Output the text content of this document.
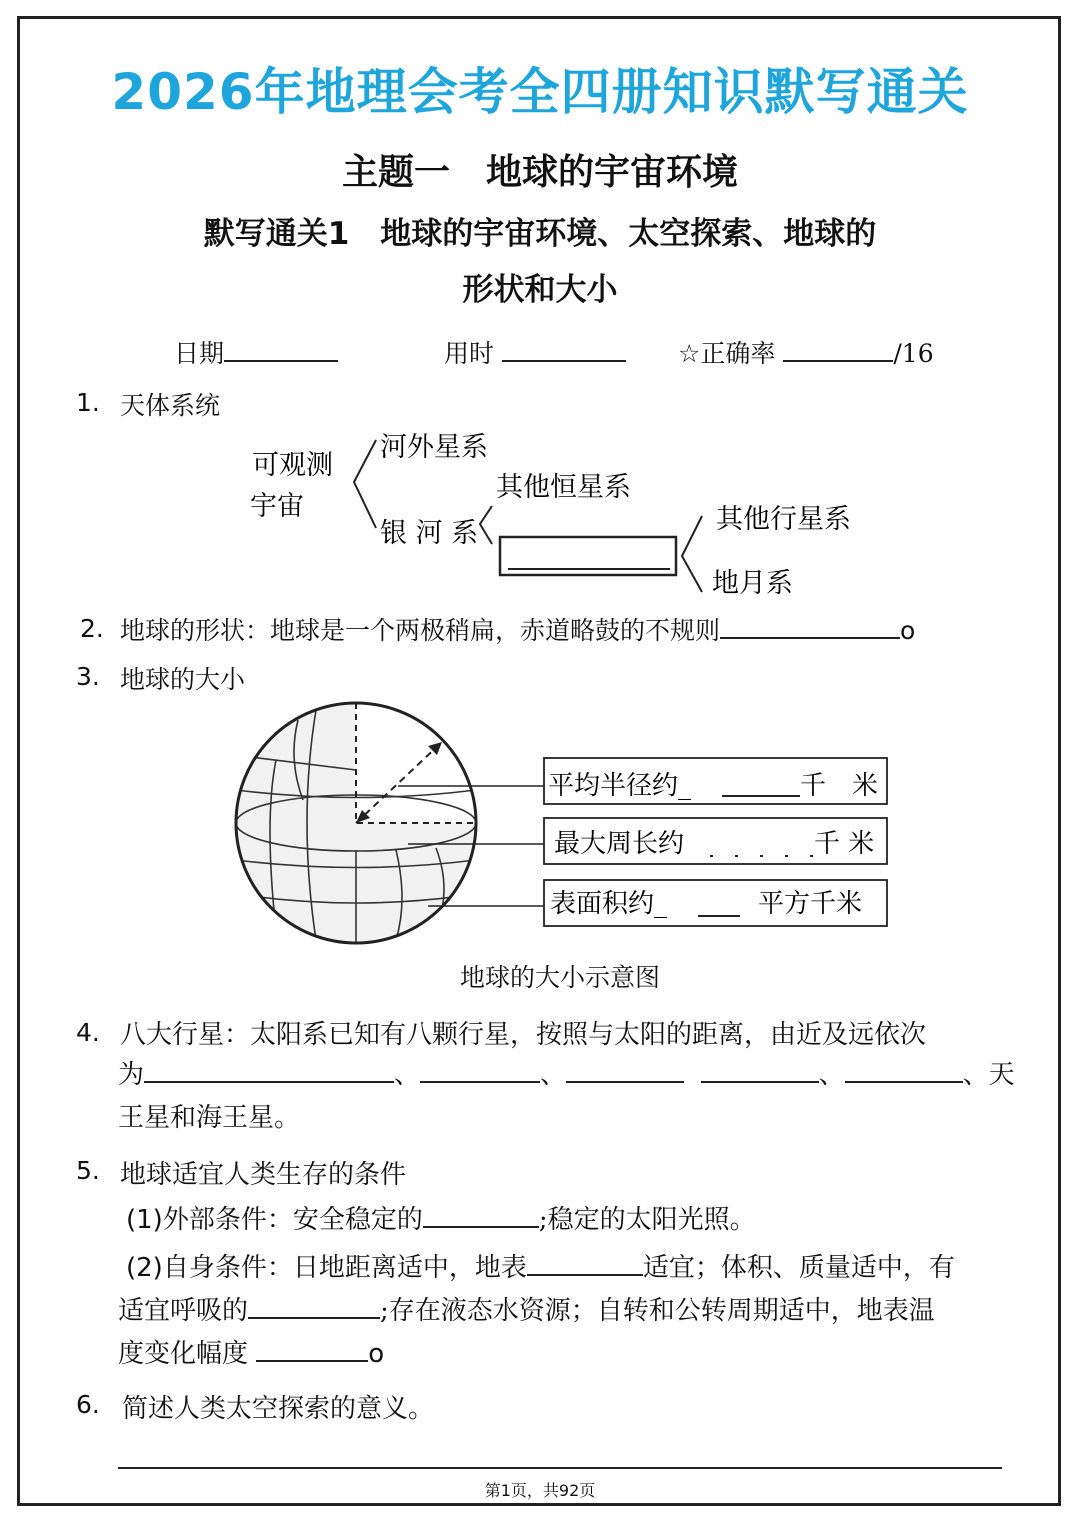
2026年地理会考全四册知识默写通关
主题一　地球的宇宙环境
默写通关1　地球的宇宙环境、太空探索、地球的
形状和大小
日期	用时	☆正确率	/16
1. 天体系统
可观测
宇宙
河外星系
银 河 系
其他恒星系
其他行星系
地月系
2. 地球的形状：地球是一个两极稍扁，赤道略鼓的不规则	o
3. 地球的大小
平均半径约_	千　米
最大周长约	千 米
表面积约_	平方千米
地球的大小示意图
4. 八大行星：太阳系已知有八颗行星，按照与太阳的距离，由近及远依次
为	、	、	、	、天
王星和海王星。
5. 地球适宜人类生存的条件
(1)外部条件：安全稳定的	;稳定的太阳光照。
(2)自身条件：日地距离适中，地表	适宜；体积、质量适中，有
适宜呼吸的	;存在液态水资源；自转和公转周期适中，地表温
度变化幅度	o
6. 简述人类太空探索的意义。
第1页，共92页
